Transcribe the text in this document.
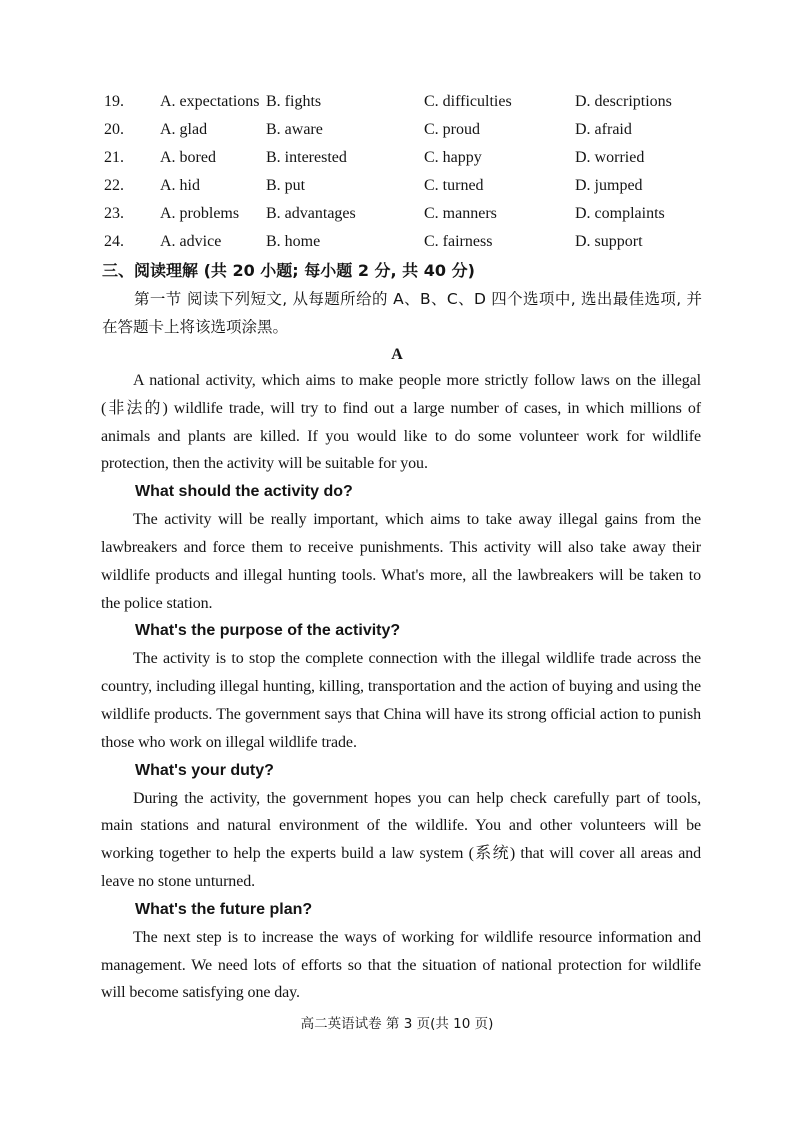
19. A. expectations B. fights	C. difficulties	D. descriptions
20. A. glad	B. aware	C. proud	D. afraid
21. A. bored	B. interested	C. happy	D. worried
22. A. hid	B. put	C. turned	D. jumped
23. A. problems B. advantages	C. manners	D. complaints
24. A. advice	B. home	C. fairness	D. support
三、阅读理解 (共 20 小题; 每小题 2 分, 共 40 分)
第一节 阅读下列短文, 从每题所给的 A、B、C、D 四个选项中, 选出最佳选项, 并在答题卡上将该选项涂黑。
A

A national activity, which aims to make people more strictly follow laws on the illegal (非法的) wildlife trade, will try to find out a large number of cases, in which millions of animals and plants are killed. If you would like to do some volunteer work for wildlife protection, then the activity will be suitable for you.

What should the activity do?

The activity will be really important, which aims to take away illegal gains from the lawbreakers and force them to receive punishments. This activity will also take away their wildlife products and illegal hunting tools. What's more, all the lawbreakers will be taken to the police station.

What's the purpose of the activity?

The activity is to stop the complete connection with the illegal wildlife trade across the country, including illegal hunting, killing, transportation and the action of buying and using the wildlife products. The government says that China will have its strong official action to punish those who work on illegal wildlife trade.

What's your duty?

During the activity, the government hopes you can help check carefully part of tools, main stations and natural environment of the wildlife. You and other volunteers will be working together to help the experts build a law system (系统) that will cover all areas and leave no stone unturned.

What's the future plan?

The next step is to increase the ways of working for wildlife resource information and management. We need lots of efforts so that the situation of national protection for wildlife will become satisfying one day.

高二英语试卷 第 3 页(共 10 页)
